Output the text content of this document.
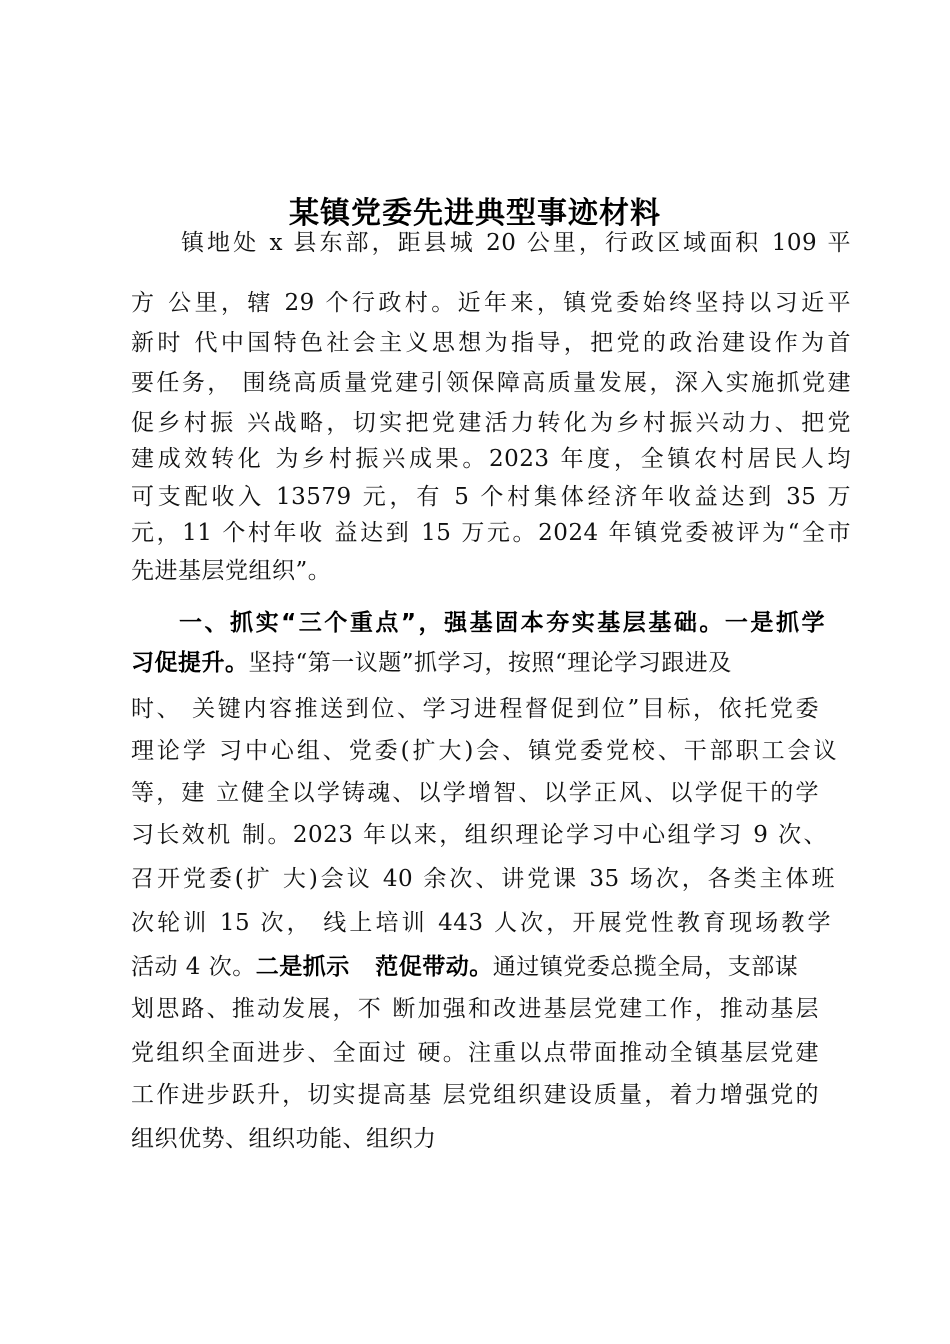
某镇党委先进典型事迹材料
镇地处 x 县东部，距县城 20 公里，行政区域面积 109 平
方 公里，辖 29 个行政村。近年来，镇党委始终坚持以习近平
新时 代中国特色社会主义思想为指导，把党的政治建设作为首
要任务， 围绕高质量党建引领保障高质量发展，深入实施抓党建
促乡村振 兴战略，切实把党建活力转化为乡村振兴动力、把党
建成效转化 为乡村振兴成果。2023 年度，全镇农村居民人均
可支配收入 13579 元，有 5 个村集体经济年收益达到 35 万
元，11 个村年收 益达到 15 万元。2024 年镇党委被评为“全市
先进基层党组织”。
一、抓实“三个重点”，强基固本夯实基层基础。一是抓学
习促提升。坚持“第一议题”抓学习，按照“理论学习跟进及
时、 关键内容推送到位、学习进程督促到位”目标，依托党委
理论学 习中心组、党委(扩大)会、镇党委党校、干部职工会议
等，建 立健全以学铸魂、以学增智、以学正风、以学促干的学
习长效机 制。2023 年以来，组织理论学习中心组学习 9 次、
召开党委(扩 大)会议 40 余次、讲党课 35 场次，各类主体班
次轮训 15 次， 线上培训 443 人次，开展党性教育现场教学
活动 4 次。二是抓示   范促带动。通过镇党委总揽全局，支部谋
划思路、推动发展，不 断加强和改进基层党建工作，推动基层
党组织全面进步、全面过 硬。注重以点带面推动全镇基层党建
工作进步跃升，切实提高基 层党组织建设质量，着力增强党的
组织优势、组织功能、组织力
